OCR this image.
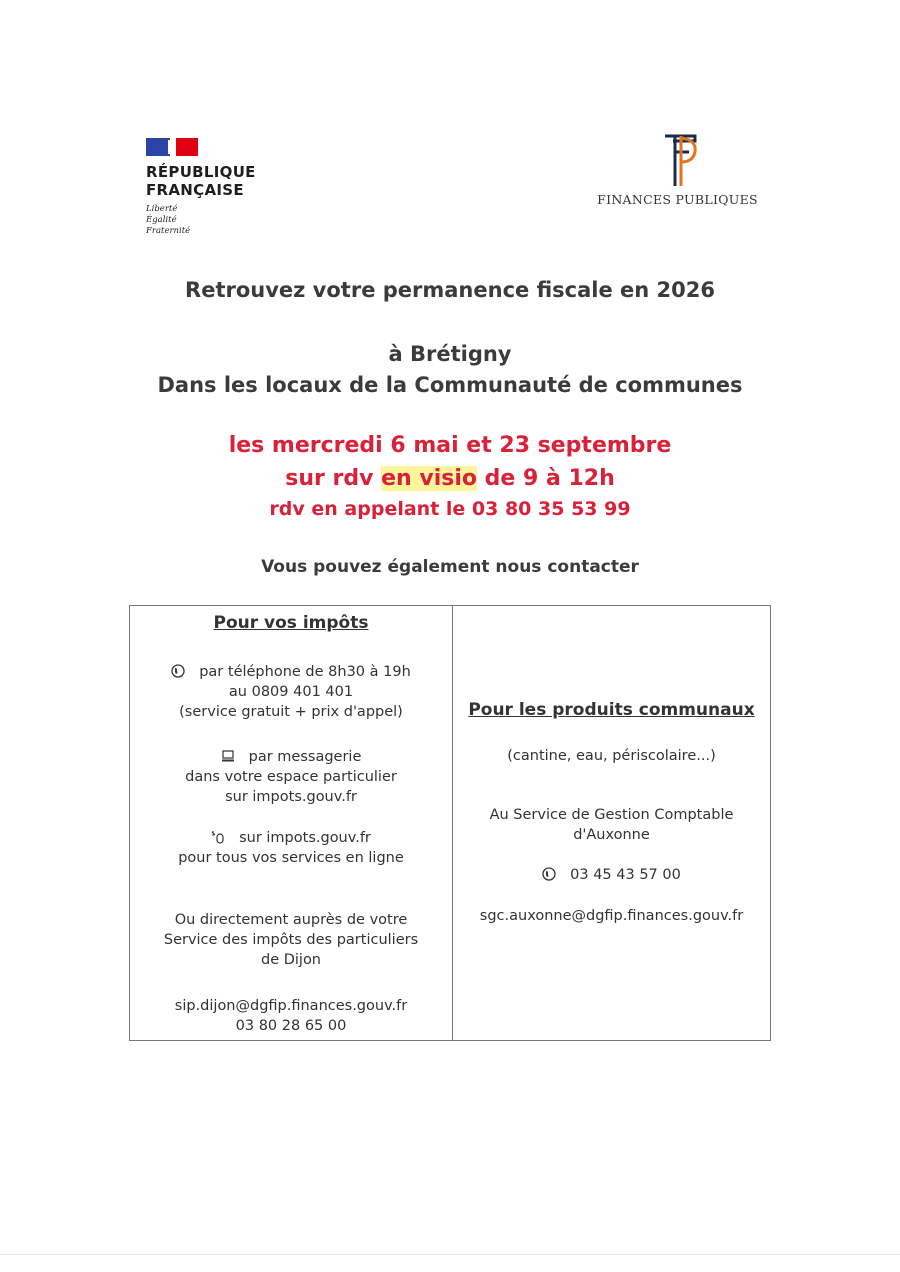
RÉPUBLIQUE
FRANÇAISE
Liberté
Égalité
Fraternité
FINANCES PUBLIQUES
Retrouvez votre permanence fiscale en 2026
à Brétigny
Dans les locaux de la Communauté de communes
les mercredi 6 mai et 23 septembre
sur rdv en visio de 9 à 12h
rdv en appelant le 03 80 35 53 99
Vous pouvez également nous contacter
Pour vos impôts
par téléphone de 8h30 à 19h
au 0809 401 401
(service gratuit + prix d'appel)
par messagerie
dans votre espace particulier
sur impots.gouv.fr
sur impots.gouv.fr
pour tous vos services en ligne
Ou directement auprès de votre
Service des impôts des particuliers
de Dijon
sip.dijon@dgfip.finances.gouv.fr
03 80 28 65 00
Pour les produits communaux
(cantine, eau, périscolaire...)
Au Service de Gestion Comptable
d'Auxonne
03 45 43 57 00
sgc.auxonne@dgfip.finances.gouv.fr
